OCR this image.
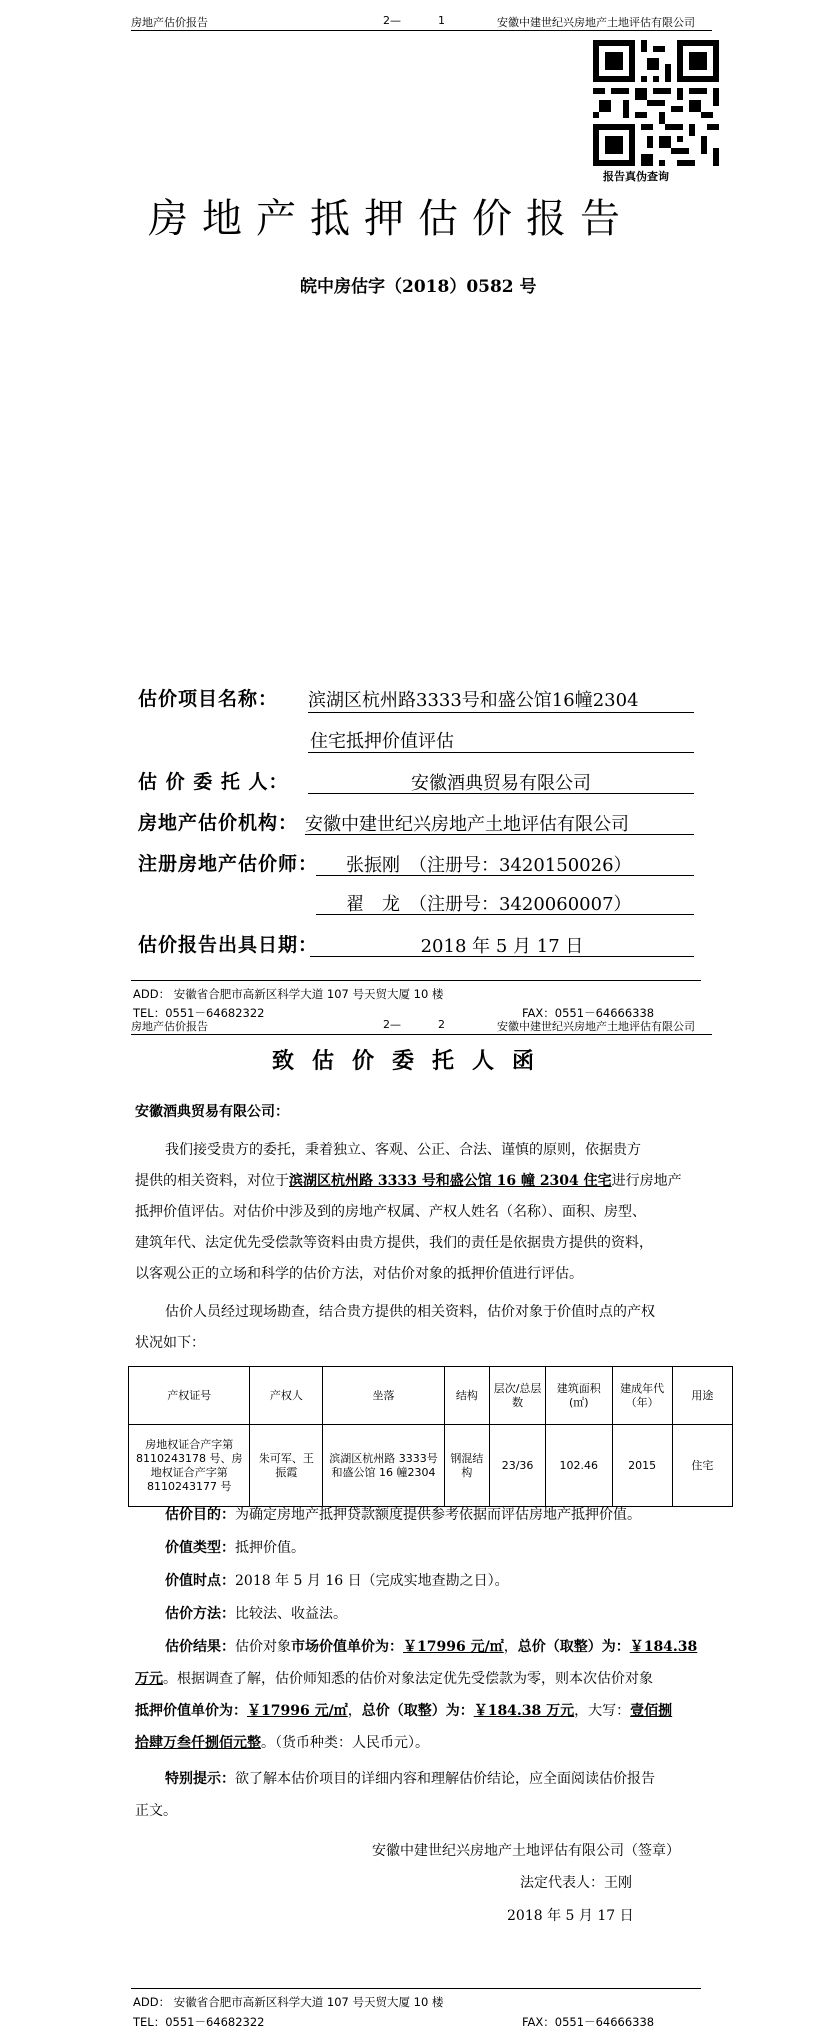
房地产估价报告	2—	1	安徽中建世纪兴房地产土地评估有限公司
报告真伪查询
房地产抵押估价报告
皖中房估字（2018）0582 号
估价项目名称： 滨湖区杭州路3333号和盛公馆16幢2304
住宅抵押价值评估
估 价 委 托 人：	安徽酒典贸易有限公司
房地产估价机构： 安徽中建世纪兴房地产土地评估有限公司
注册房地产估价师： 张振刚　（注册号：3420150026）
翟　龙　（注册号：3420060007）
估价报告出具日期：	2018 年 5 月 17 日
ADD： 安徽省合肥市高新区科学大道 107 号天贸大厦 10 楼
TEL：0551－64682322	FAX：0551－64666338
房地产估价报告	2—	2	安徽中建世纪兴房地产土地评估有限公司
致估价委托人函
安徽酒典贸易有限公司：
我们接受贵方的委托，秉着独立、客观、公正、合法、谨慎的原则，依据贵方
提供的相关资料，对位于滨湖区杭州路 3333 号和盛公馆 16 幢 2304 住宅进行房地产
抵押价值评估。对估价中涉及到的房地产权属、产权人姓名（名称）、面积、房型、
建筑年代、法定优先受偿款等资料由贵方提供，我们的责任是依据贵方提供的资料，
以客观公正的立场和科学的估价方法，对估价对象的抵押价值进行评估。
估价人员经过现场勘查，结合贵方提供的相关资料，估价对象于价值时点的产权
状况如下：
产权证号	产权人	坐落	结构	层次/总层数	建筑面积(㎡)	建成年代（年）	用途
房地权证合产字第8110243178 号、房地权证合产字第8110243177 号	朱可军、王振霞	滨湖区杭州路 3333号和盛公馆 16 幢2304	钢混结构	23/36	102.46	2015	住宅
估价目的：为确定房地产抵押贷款额度提供参考依据而评估房地产抵押价值。
价值类型：抵押价值。
价值时点：2018 年 5 月 16 日（完成实地查勘之日）。
估价方法：比较法、收益法。
估价结果：估价对象市场价值单价为：￥17996 元/㎡，总价（取整）为：￥184.38
万元。根据调查了解，估价师知悉的估价对象法定优先受偿款为零，则本次估价对象
抵押价值单价为：￥17996 元/㎡，总价（取整）为：￥184.38 万元，大写：壹佰捌
拾肆万叁仟捌佰元整。（货币种类：人民币元）。
特别提示：欲了解本估价项目的详细内容和理解估价结论，应全面阅读估价报告
正文。
安徽中建世纪兴房地产土地评估有限公司（签章）
法定代表人：王刚
2018 年 5 月 17 日
ADD： 安徽省合肥市高新区科学大道 107 号天贸大厦 10 楼
TEL：0551－64682322	FAX：0551－64666338
